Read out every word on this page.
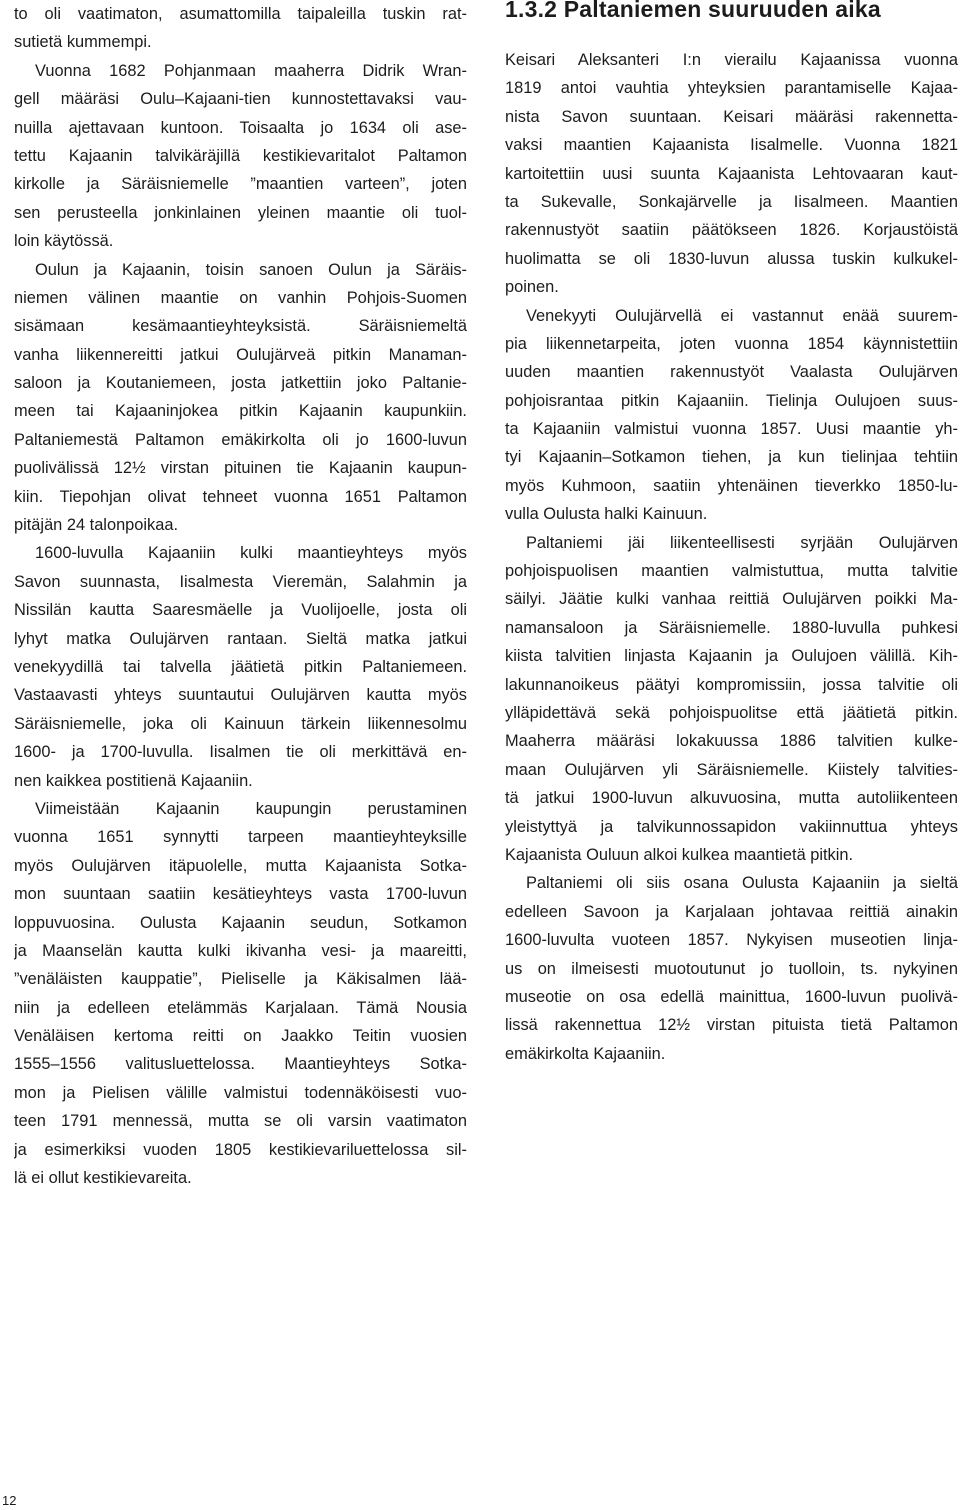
to oli vaatimaton, asumattomilla taipaleilla tuskin rat-
sutietä kummempi.
Vuonna 1682 Pohjanmaan maaherra Didrik Wran-
gell määräsi Oulu–Kajaani-tien kunnostettavaksi vau-
nuilla ajettavaan kuntoon. Toisaalta jo 1634 oli ase-
tettu Kajaanin talvikäräjillä kestikievaritalot Paltamon
kirkolle ja Säräisniemelle ”maantien varteen”, joten
sen perusteella jonkinlainen yleinen maantie oli tuol-
loin käytössä.
Oulun ja Kajaanin, toisin sanoen Oulun ja Säräis-
niemen välinen maantie on vanhin Pohjois-Suomen
sisämaan kesämaantieyhteyksistä. Säräisniemeltä
vanha liikennereitti jatkui Oulujärveä pitkin Manaman-
saloon ja Koutaniemeen, josta jatkettiin joko Paltanie-
meen tai Kajaaninjokea pitkin Kajaanin kaupunkiin.
Paltaniemestä Paltamon emäkirkolta oli jo 1600-luvun
puolivälissä 12½ virstan pituinen tie Kajaanin kaupun-
kiin. Tiepohjan olivat tehneet vuonna 1651 Paltamon
pitäjän 24 talonpoikaa.
1600-luvulla Kajaaniin kulki maantieyhteys myös
Savon suunnasta, Iisalmesta Vieremän, Salahmin ja
Nissilän kautta Saaresmäelle ja Vuolijoelle, josta oli
lyhyt matka Oulujärven rantaan. Sieltä matka jatkui
venekyydillä tai talvella jäätietä pitkin Paltaniemeen.
Vastaavasti yhteys suuntautui Oulujärven kautta myös
Säräisniemelle, joka oli Kainuun tärkein liikennesolmu
1600- ja 1700-luvulla. Iisalmen tie oli merkittävä en-
nen kaikkea postitienä Kajaaniin.
Viimeistään Kajaanin kaupungin perustaminen
vuonna 1651 synnytti tarpeen maantieyhteyksille
myös Oulujärven itäpuolelle, mutta Kajaanista Sotka-
mon suuntaan saatiin kesätieyhteys vasta 1700-luvun
loppuvuosina. Oulusta Kajaanin seudun, Sotkamon
ja Maanselän kautta kulki ikivanha vesi- ja maareitti,
”venäläisten kauppatie”, Pieliselle ja Käkisalmen lää-
niin ja edelleen etelämmäs Karjalaan. Tämä Nousia
Venäläisen kertoma reitti on Jaakko Teitin vuosien
1555–1556 valitusluettelossa. Maantieyhteys Sotka-
mon ja Pielisen välille valmistui todennäköisesti vuo-
teen 1791 mennessä, mutta se oli varsin vaatimaton
ja esimerkiksi vuoden 1805 kestikievariluettelossa sil-
lä ei ollut kestikievareita.
1.3.2 Paltaniemen suuruuden aika
Keisari Aleksanteri I:n vierailu Kajaanissa vuonna
1819 antoi vauhtia yhteyksien parantamiselle Kajaa-
nista Savon suuntaan. Keisari määräsi rakennetta-
vaksi maantien Kajaanista Iisalmelle. Vuonna 1821
kartoitettiin uusi suunta Kajaanista Lehtovaaran kaut-
ta Sukevalle, Sonkajärvelle ja Iisalmeen. Maantien
rakennustyöt saatiin päätökseen 1826. Korjaustöistä
huolimatta se oli 1830-luvun alussa tuskin kulkukel-
poinen.
Venekyyti Oulujärvellä ei vastannut enää suurem-
pia liikennetarpeita, joten vuonna 1854 käynnistettiin
uuden maantien rakennustyöt Vaalasta Oulujärven
pohjoisrantaa pitkin Kajaaniin. Tielinja Oulujoen suus-
ta Kajaaniin valmistui vuonna 1857. Uusi maantie yh-
tyi Kajaanin–Sotkamon tiehen, ja kun tielinjaa tehtiin
myös Kuhmoon, saatiin yhtenäinen tieverkko 1850-lu-
vulla Oulusta halki Kainuun.
Paltaniemi jäi liikenteellisesti syrjään Oulujärven
pohjoispuolisen maantien valmistuttua, mutta talvitie
säilyi. Jäätie kulki vanhaa reittiä Oulujärven poikki Ma-
namansaloon ja Säräisniemelle. 1880-luvulla puhkesi
kiista talvitien linjasta Kajaanin ja Oulujoen välillä. Kih-
lakunnanoikeus päätyi kompromissiin, jossa talvitie oli
ylläpidettävä sekä pohjoispuolitse että jäätietä pitkin.
Maaherra määräsi lokakuussa 1886 talvitien kulke-
maan Oulujärven yli Säräisniemelle. Kiistely talvities-
tä jatkui 1900-luvun alkuvuosina, mutta autoliikenteen
yleistyttyä ja talvikunnossapidon vakiinnuttua yhteys
Kajaanista Ouluun alkoi kulkea maantietä pitkin.
Paltaniemi oli siis osana Oulusta Kajaaniin ja sieltä
edelleen Savoon ja Karjalaan johtavaa reittiä ainakin
1600-luvulta vuoteen 1857. Nykyisen museotien linja-
us on ilmeisesti muotoutunut jo tuolloin, ts. nykyinen
museotie on osa edellä mainittua, 1600-luvun puolivä-
lissä rakennettua 12½ virstan pituista tietä Paltamon
emäkirkolta Kajaaniin.
12
